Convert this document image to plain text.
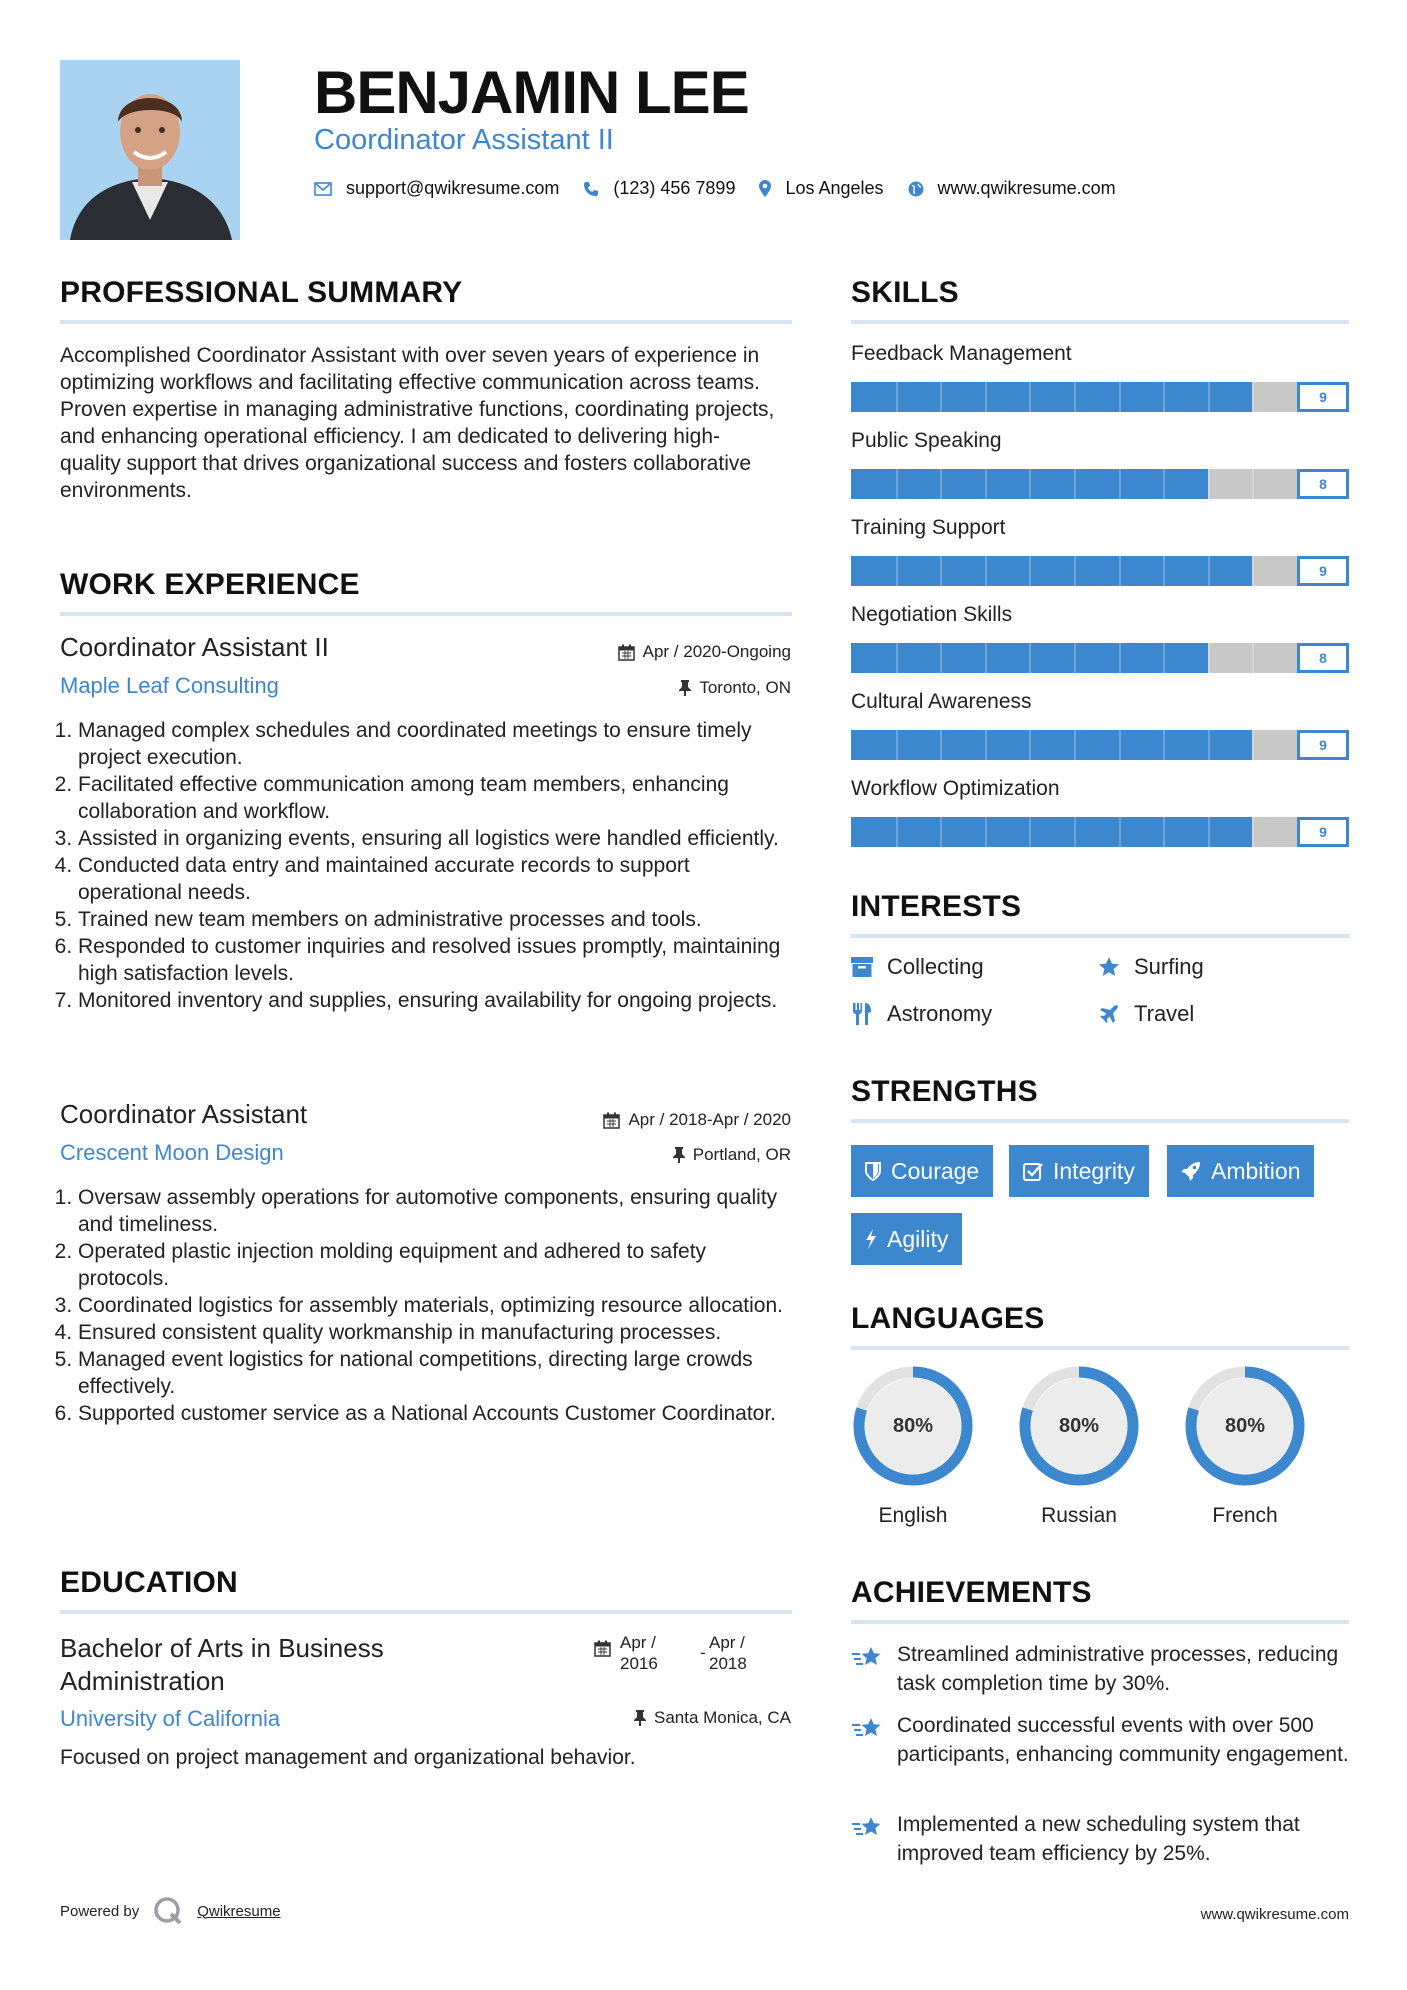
BENJAMIN LEE
Coordinator Assistant II
support@qwikresume.com	(123) 456 7899	Los Angeles	www.qwikresume.com
PROFESSIONAL SUMMARY
Accomplished Coordinator Assistant with over seven years of experience in optimizing workflows and facilitating effective communication across teams. Proven expertise in managing administrative functions, coordinating projects, and enhancing operational efficiency. I am dedicated to delivering high-quality support that drives organizational success and fosters collaborative environments.
WORK EXPERIENCE
Coordinator Assistant II	Apr / 2020-Ongoing
Maple Leaf Consulting	Toronto, ON
1. Managed complex schedules and coordinated meetings to ensure timely project execution.
2. Facilitated effective communication among team members, enhancing collaboration and workflow.
3. Assisted in organizing events, ensuring all logistics were handled efficiently.
4. Conducted data entry and maintained accurate records to support operational needs.
5. Trained new team members on administrative processes and tools.
6. Responded to customer inquiries and resolved issues promptly, maintaining high satisfaction levels.
7. Monitored inventory and supplies, ensuring availability for ongoing projects.
Coordinator Assistant	Apr / 2018-Apr / 2020
Crescent Moon Design	Portland, OR
1. Oversaw assembly operations for automotive components, ensuring quality and timeliness.
2. Operated plastic injection molding equipment and adhered to safety protocols.
3. Coordinated logistics for assembly materials, optimizing resource allocation.
4. Ensured consistent quality workmanship in manufacturing processes.
5. Managed event logistics for national competitions, directing large crowds effectively.
6. Supported customer service as a National Accounts Customer Coordinator.
EDUCATION
Bachelor of Arts in Business
Administration
Apr /
2016
-
Apr /
2018
University of California	Santa Monica, CA
Focused on project management and organizational behavior.
SKILLS
Feedback Management
9
Public Speaking
8
Training Support
9
Negotiation Skills
8
Cultural Awareness
9
Workflow Optimization
9
INTERESTS
Collecting	Surfing
Astronomy	Travel
STRENGTHS
Courage	Integrity	Ambition
Agility
LANGUAGES
80%
English
80%
Russian
80%
French
ACHIEVEMENTS
Streamlined administrative processes, reducing task completion time by 30%.
Coordinated successful events with over 500 participants, enhancing community engagement.
Implemented a new scheduling system that improved team efficiency by 25%.
Powered by	Qwikresume	www.qwikresume.com
